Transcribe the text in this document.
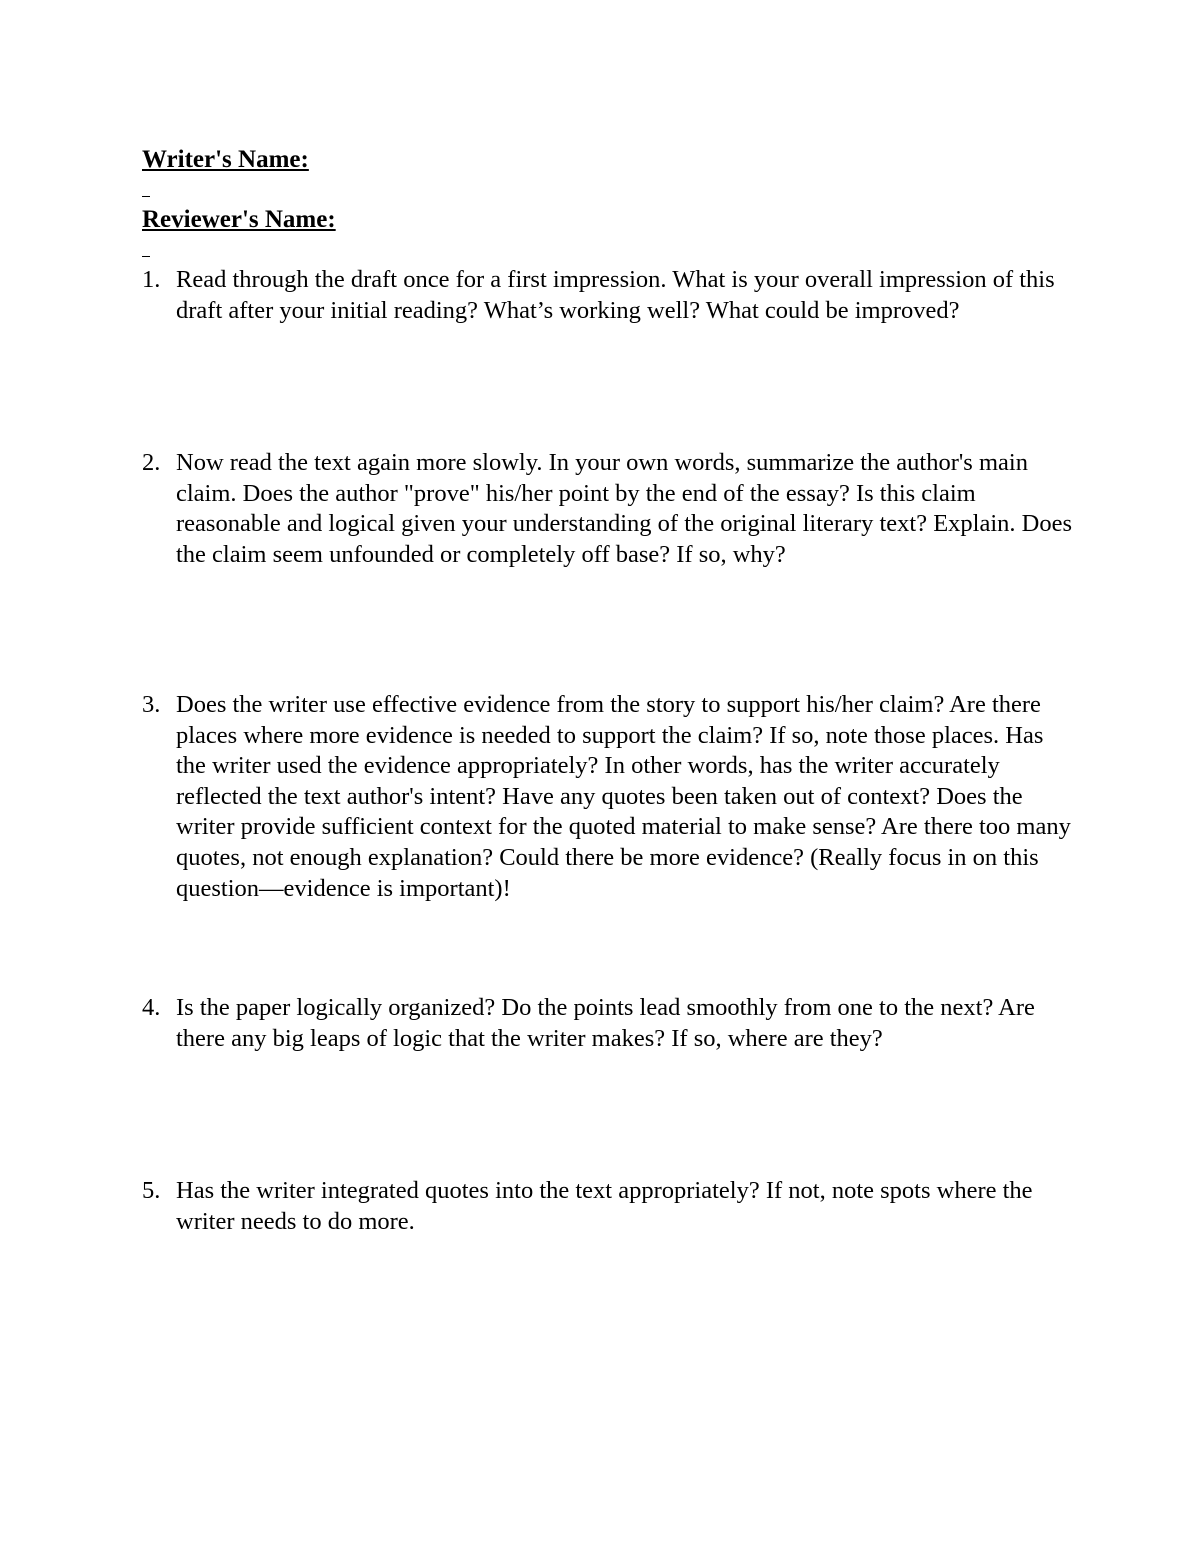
Writer's Name:
Reviewer's Name:
1. Read through the draft once for a first impression. What is your overall impression of this draft after your initial reading? What’s working well? What could be improved?
2. Now read the text again more slowly. In your own words, summarize the author's main claim. Does the author "prove" his/her point by the end of the essay? Is this claim reasonable and logical given your understanding of the original literary text? Explain. Does the claim seem unfounded or completely off base? If so, why?
3. Does the writer use effective evidence from the story to support his/her claim? Are there places where more evidence is needed to support the claim? If so, note those places. Has the writer used the evidence appropriately? In other words, has the writer accurately reflected the text author's intent? Have any quotes been taken out of context? Does the writer provide sufficient context for the quoted material to make sense? Are there too many quotes, not enough explanation? Could there be more evidence? (Really focus in on this question—evidence is important)!
4. Is the paper logically organized? Do the points lead smoothly from one to the next? Are there any big leaps of logic that the writer makes? If so, where are they?
5. Has the writer integrated quotes into the text appropriately? If not, note spots where the writer needs to do more.
